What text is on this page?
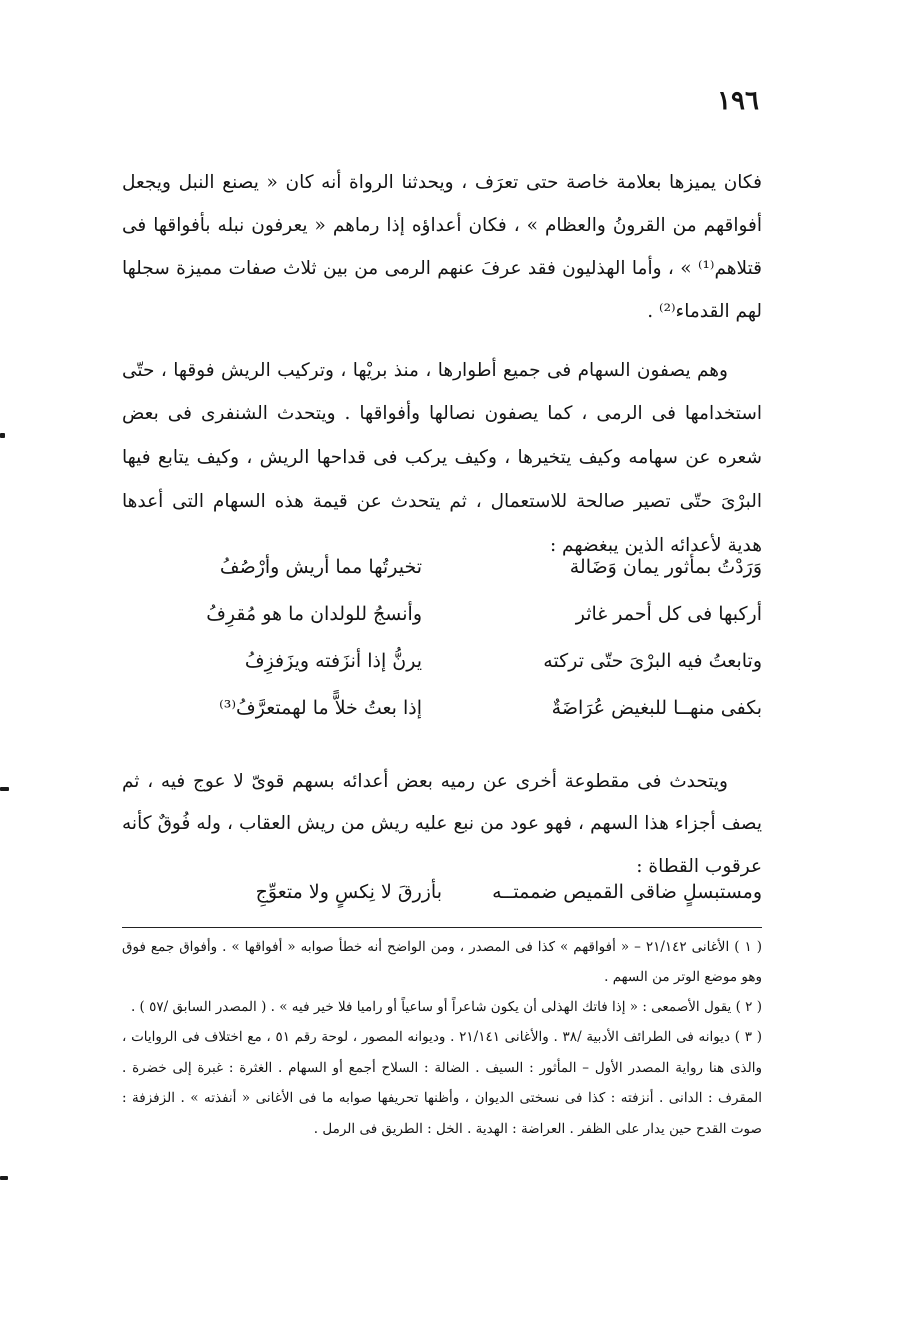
١٩٦

فكان يميزها بعلامة خاصة حتى تعرَف ، ويحدثنا الرواة أنه كان « يصنع النبل ويجعل أفواقهم من القرونُ والعظام » ، فكان أعداؤه إذا رماهم « يعرفون نبله بأفواقها فى قتلاهم⁽¹⁾ » ، وأما الهذليون فقد عرفَ عنهم الرمى من بين ثلاث صفات مميزة سجلها لهم القدماء⁽²⁾ .

وهم يصفون السهام فى جميع أطوارها ، منذ بريْها ، وتركيب الريش فوقها ، حتّى استخدامها فى الرمى ، كما يصفون نصالها وأفواقها . ويتحدث الشنفرى فى بعض شعره عن سهامه وكيف يتخيرها ، وكيف يركب فى قداحها الريش ، وكيف يتابع فيها البرْىَ حتّى تصير صالحة للاستعمال ، ثم يتحدث عن قيمة هذه السهام التى أعدها هدية لأعدائه الذين يبغضهم :

وَرَدْتُ بمأثور يمان وَضَالة
تخيرتُها مما أريش وأرْصُفُ
أركبها فى كل أحمر غاثر
وأنسجُ للولدان ما هو مُقرِفُ
وتابعتُ فيه البرْىَ حتّى تركته
يرنُّ إذا أنزَفته ويزَفزِفُ
بكفى منهــا للبغيض عُرَاضَةٌ
إذا بعتُ خلاًّ ما لهمتعرَّفُ⁽³⁾

ويتحدث فى مقطوعة أخرى عن رميه بعض أعدائه بسهم قوىّ لا عوج فيه ، ثم يصف أجزاء هذا السهم ، فهو عود من نبع عليه ريش من ريش العقاب ، وله فُوقٌ كأنه عرقوب القطاة :

ومستبسلٍ ضاقى القميص ضممتــه
بأزرقَ لا نِكسٍ ولا متعوِّجِ

( ١ ) الأغانى ٢١/١٤٢ – « أفواقهم » كذا فى المصدر ، ومن الواضح أنه خطأ صوابه « أفواقها » . وأفواق جمع فوق وهو موضع الوتر من السهم .

( ٢ ) يقول الأصمعى : « إذا فاتك الهذلى أن يكون شاعراً أو ساعياً أو راميا فلا خير فيه » . ( المصدر السابق /٥٧ ) .

( ٣ ) ديوانه فى الطرائف الأدبية /٣٨ . والأغانى ٢١/١٤١ . وديوانه المصور ، لوحة رقم ٥١ ، مع اختلاف فى الروايات ، والذى هنا رواية المصدر الأول – المأثور : السيف . الضالة : السلاح أجمع أو السهام . الغثرة : غبرة إلى خضرة . المقرف : الدانى . أنزفته : كذا فى نسختى الديوان ، وأظنها تحريفها صوابه ما فى الأغانى « أنفذته » . الزفزفة : صوت القدح حين يدار على الظفر . العراضة : الهدية . الخل : الطريق فى الرمل .
